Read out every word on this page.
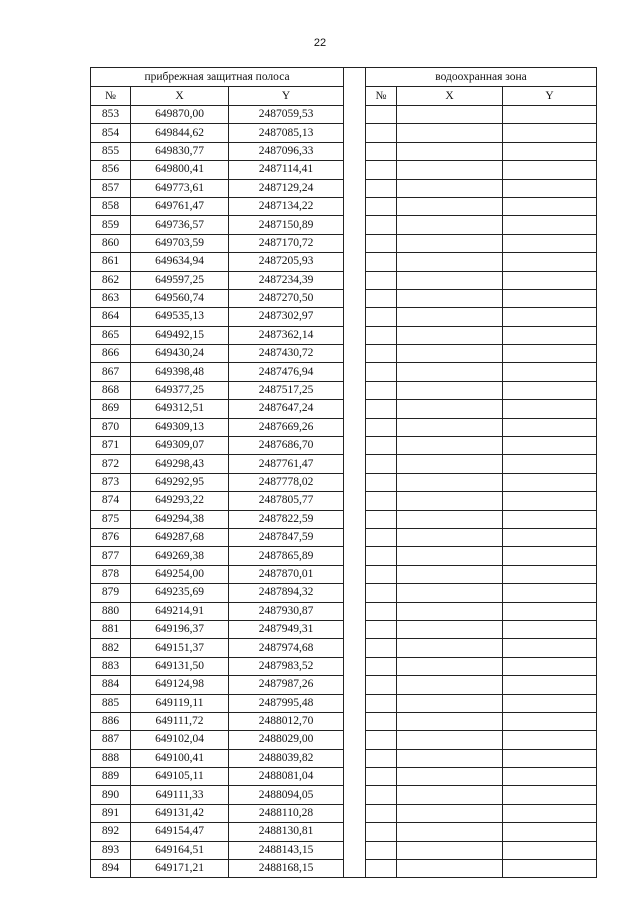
22
прибрежная защитная полоса				водоохранная зона		
№	X	Y		№	X	Y
853	649870,00	2487059,53				
854	649844,62	2487085,13				
855	649830,77	2487096,33				
856	649800,41	2487114,41				
857	649773,61	2487129,24				
858	649761,47	2487134,22				
859	649736,57	2487150,89				
860	649703,59	2487170,72				
861	649634,94	2487205,93				
862	649597,25	2487234,39				
863	649560,74	2487270,50				
864	649535,13	2487302,97				
865	649492,15	2487362,14				
866	649430,24	2487430,72				
867	649398,48	2487476,94				
868	649377,25	2487517,25				
869	649312,51	2487647,24				
870	649309,13	2487669,26				
871	649309,07	2487686,70				
872	649298,43	2487761,47				
873	649292,95	2487778,02				
874	649293,22	2487805,77				
875	649294,38	2487822,59				
876	649287,68	2487847,59				
877	649269,38	2487865,89				
878	649254,00	2487870,01				
879	649235,69	2487894,32				
880	649214,91	2487930,87				
881	649196,37	2487949,31				
882	649151,37	2487974,68				
883	649131,50	2487983,52				
884	649124,98	2487987,26				
885	649119,11	2487995,48				
886	649111,72	2488012,70				
887	649102,04	2488029,00				
888	649100,41	2488039,82				
889	649105,11	2488081,04				
890	649111,33	2488094,05				
891	649131,42	2488110,28				
892	649154,47	2488130,81				
893	649164,51	2488143,15				
894	649171,21	2488168,15				
